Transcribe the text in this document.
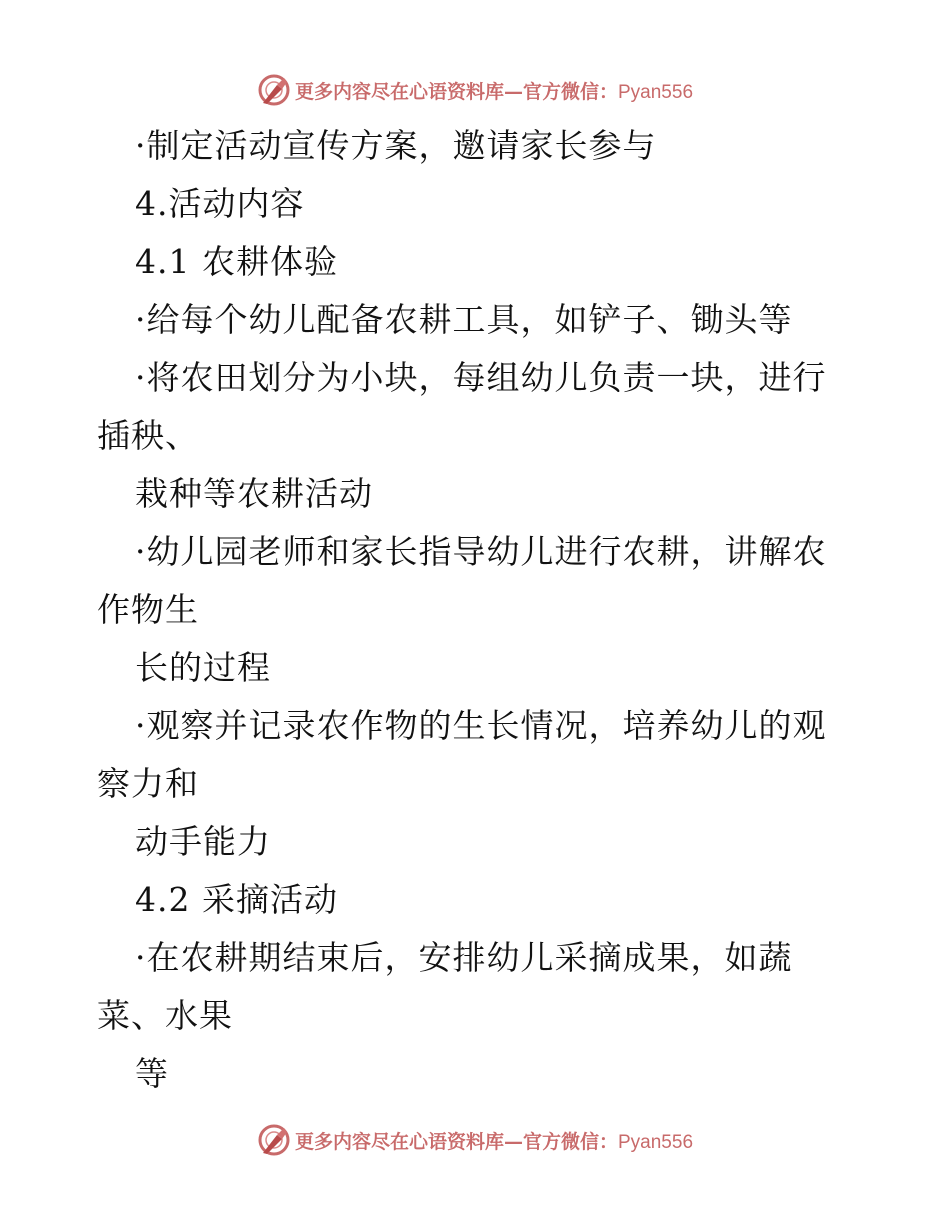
更多内容尽在心语资料库—官方微信：Pyan556
·制定活动宣传方案，邀请家长参与
4.活动内容
4.1 农耕体验
·给每个幼儿配备农耕工具，如铲子、锄头等
·将农田划分为小块，每组幼儿负责一块，进行
插秧、
栽种等农耕活动
·幼儿园老师和家长指导幼儿进行农耕，讲解农
作物生
长的过程
·观察并记录农作物的生长情况，培养幼儿的观
察力和
动手能力
4.2 采摘活动
·在农耕期结束后，安排幼儿采摘成果，如蔬
菜、水果
等
更多内容尽在心语资料库—官方微信：Pyan556
